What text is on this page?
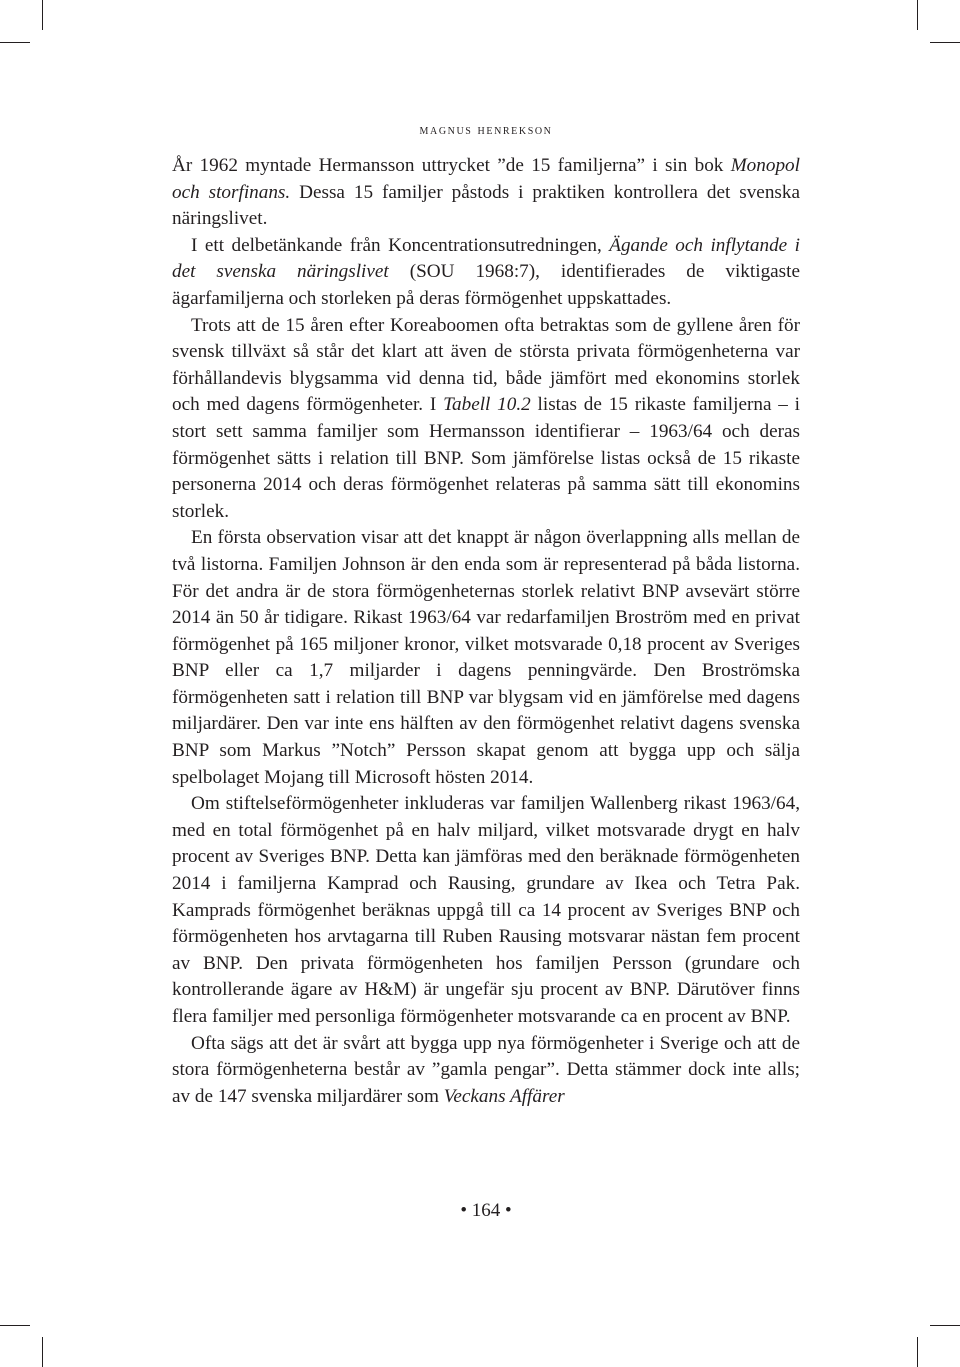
magnus henrekson

År 1962 myntade Hermansson uttrycket ”de 15 familjerna” i sin bok Monopol och storfinans. Dessa 15 familjer påstods i praktiken kontrollera det svenska näringslivet.

I ett delbetänkande från Koncentrationsutredningen, Ägande och inflytande i det svenska näringslivet (SOU 1968:7), identifierades de viktigaste ägarfamiljerna och storleken på deras förmögenhet uppskattades.

Trots att de 15 åren efter Koreaboomen ofta betraktas som de gyllene åren för svensk tillväxt så står det klart att även de största privata förmögenheterna var förhållandevis blygsamma vid denna tid, både jämfört med ekonomins storlek och med dagens förmögenheter. I Tabell 10.2 listas de 15 rikaste familjerna – i stort sett samma familjer som Hermansson identifierar – 1963/64 och deras förmögenhet sätts i relation till BNP. Som jämförelse listas också de 15 rikaste personerna 2014 och deras förmögenhet relateras på samma sätt till ekonomins storlek.

En första observation visar att det knappt är någon överlappning alls mellan de två listorna. Familjen Johnson är den enda som är representerad på båda listorna. För det andra är de stora förmögenheternas storlek relativt BNP avsevärt större 2014 än 50 år tidigare. Rikast 1963/64 var redarfamiljen Broström med en privat förmögenhet på 165 miljoner kronor, vilket motsvarade 0,18 procent av Sveriges BNP eller ca 1,7 miljarder i dagens penningvärde. Den Broströmska förmögenheten satt i relation till BNP var blygsam vid en jämförelse med dagens miljardärer. Den var inte ens hälften av den förmögenhet relativt dagens svenska BNP som Markus ”Notch” Persson skapat genom att bygga upp och sälja spelbolaget Mojang till Microsoft hösten 2014.

Om stiftelseförmögenheter inkluderas var familjen Wallenberg rikast 1963/64, med en total förmögenhet på en halv miljard, vilket motsvarade drygt en halv procent av Sveriges BNP. Detta kan jämföras med den beräknade förmögenheten 2014 i familjerna Kamprad och Rausing, grundare av Ikea och Tetra Pak. Kamprads förmögenhet beräknas uppgå till ca 14 procent av Sveriges BNP och förmögenheten hos arvtagarna till Ruben Rausing motsvarar nästan fem procent av BNP. Den privata förmögenheten hos familjen Persson (grundare och kontrollerande ägare av H&M) är ungefär sju procent av BNP. Därutöver finns flera familjer med personliga förmögenheter motsvarande ca en procent av BNP.

Ofta sägs att det är svårt att bygga upp nya förmögenheter i Sverige och att de stora förmögenheterna består av ”gamla pengar”. Detta stämmer dock inte alls; av de 147 svenska miljardärer som Veckans Affärer

• 164 •
